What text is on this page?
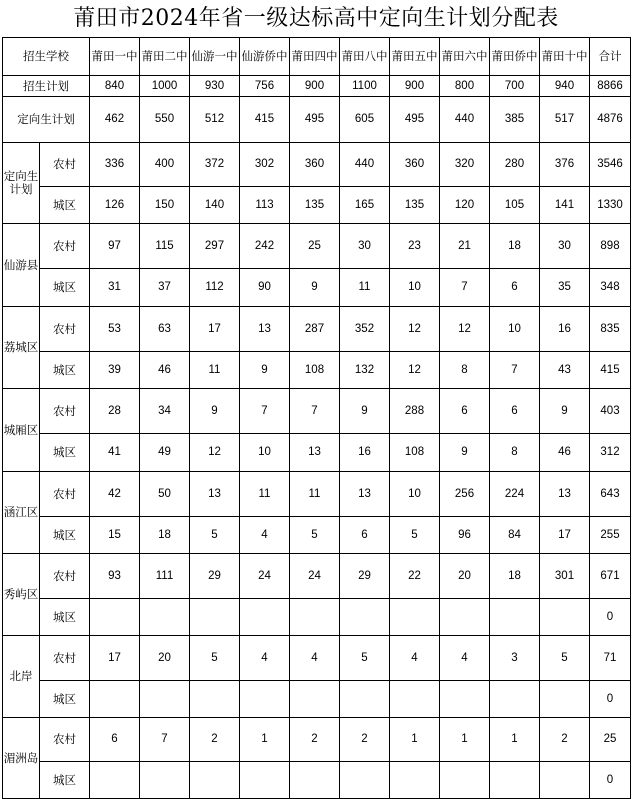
莆田市2024年省一级达标高中定向生计划分配表
招生学校		莆田一中	莆田二中	仙游一中	仙游侨中	莆田四中	莆田八中	莆田五中	莆田六中	莆田侨中	莆田十中	合计
招生计划		840	1000	930	756	900	1100	900	800	700	940	8866
定向生计划		462	550	512	415	495	605	495	440	385	517	4876
定向生计划	农村	336	400	372	302	360	440	360	320	280	376	3546
	城区	126	150	140	113	135	165	135	120	105	141	1330
仙游县	农村	97	115	297	242	25	30	23	21	18	30	898
	城区	31	37	112	90	9	11	10	7	6	35	348
荔城区	农村	53	63	17	13	287	352	12	12	10	16	835
	城区	39	46	11	9	108	132	12	8	7	43	415
城厢区	农村	28	34	9	7	7	9	288	6	6	9	403
	城区	41	49	12	10	13	16	108	9	8	46	312
涵江区	农村	42	50	13	11	11	13	10	256	224	13	643
	城区	15	18	5	4	5	6	5	96	84	17	255
秀屿区	农村	93	111	29	24	24	29	22	20	18	301	671
	城区											0
北岸	农村	17	20	5	4	4	5	4	4	3	5	71
	城区											0
湄洲岛	农村	6	7	2	1	2	2	1	1	1	2	25
	城区											0
